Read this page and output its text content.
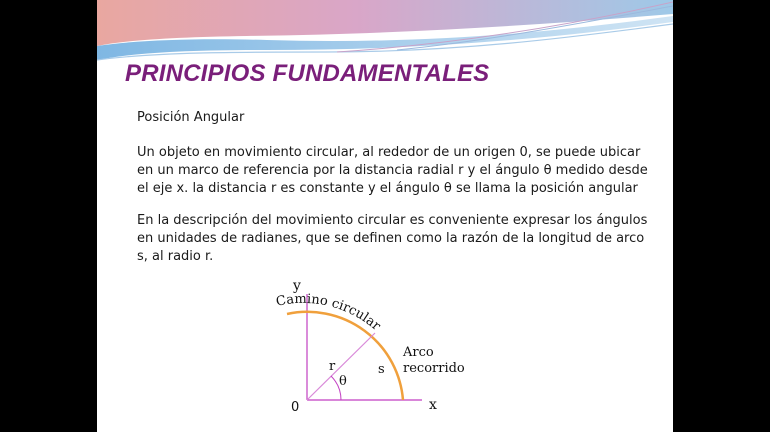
PRINCIPIOS FUNDAMENTALES

Posición Angular

Un objeto en movimiento circular, al rededor de un origen 0, se puede ubicar en un marco de referencia por la distancia radial r y el ángulo θ medido desde el eje x. la distancia r es constante y el ángulo θ se llama la posición angular

En la descripción del movimiento circular es conveniente expresar los ángulos en unidades de radianes, que se definen como la razón de la longitud de arco s, al radio r.

y
x
0
Camino circular
Arco
recorrido
r
θ
s
